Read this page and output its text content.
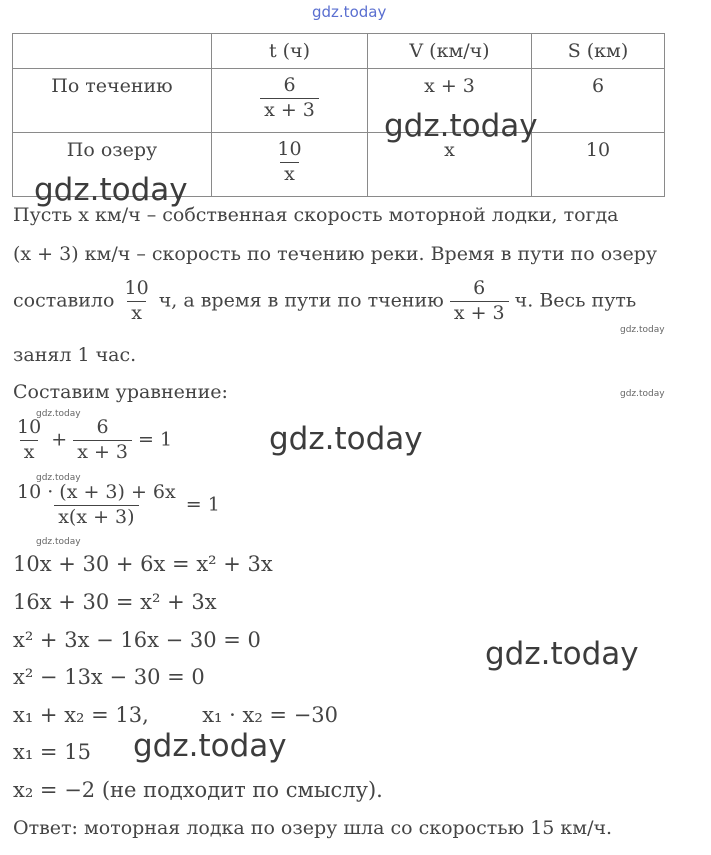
gdz.today
	t (ч)	V (км/ч)	S (км)
По течению	$\frac{6}{x + 3}$	x + 3	6
По озеру	$\frac{10}{x}$	x	10
Пусть x км/ч – собственная скорость моторной лодки, тогда
(x + 3) км/ч – скорость по течению реки. Время в пути по озеру
составило $\frac{10}{x} ч$, а время в пути по тчению $\frac{6}{x + 3} ч$. Весь путь
занял 1 час.
Составим уравнение:
$\frac{10}{x} + \frac{6}{x + 3} = 1$
$\frac{10 \cdot (x + 3) + 6x}{x(x + 3)} = 1$
10x + 30 + 6x = x² + 3x
16x + 30 = x² + 3x
x² + 3x − 16x − 30 = 0
x² − 13x − 30 = 0
x₁ + x₂ = 13,	x₁ · x₂ = −30
x₁ = 15
x₂ = −2 (не подходит по смыслу).
Ответ: моторная лодка по озеру шла со скоростью 15 км/ч.
gdz.today
gdz.today
gdz.today
gdz.today
gdz.today
gdz.today
gdz.today
gdz.today
gdz.today
gdz.today
